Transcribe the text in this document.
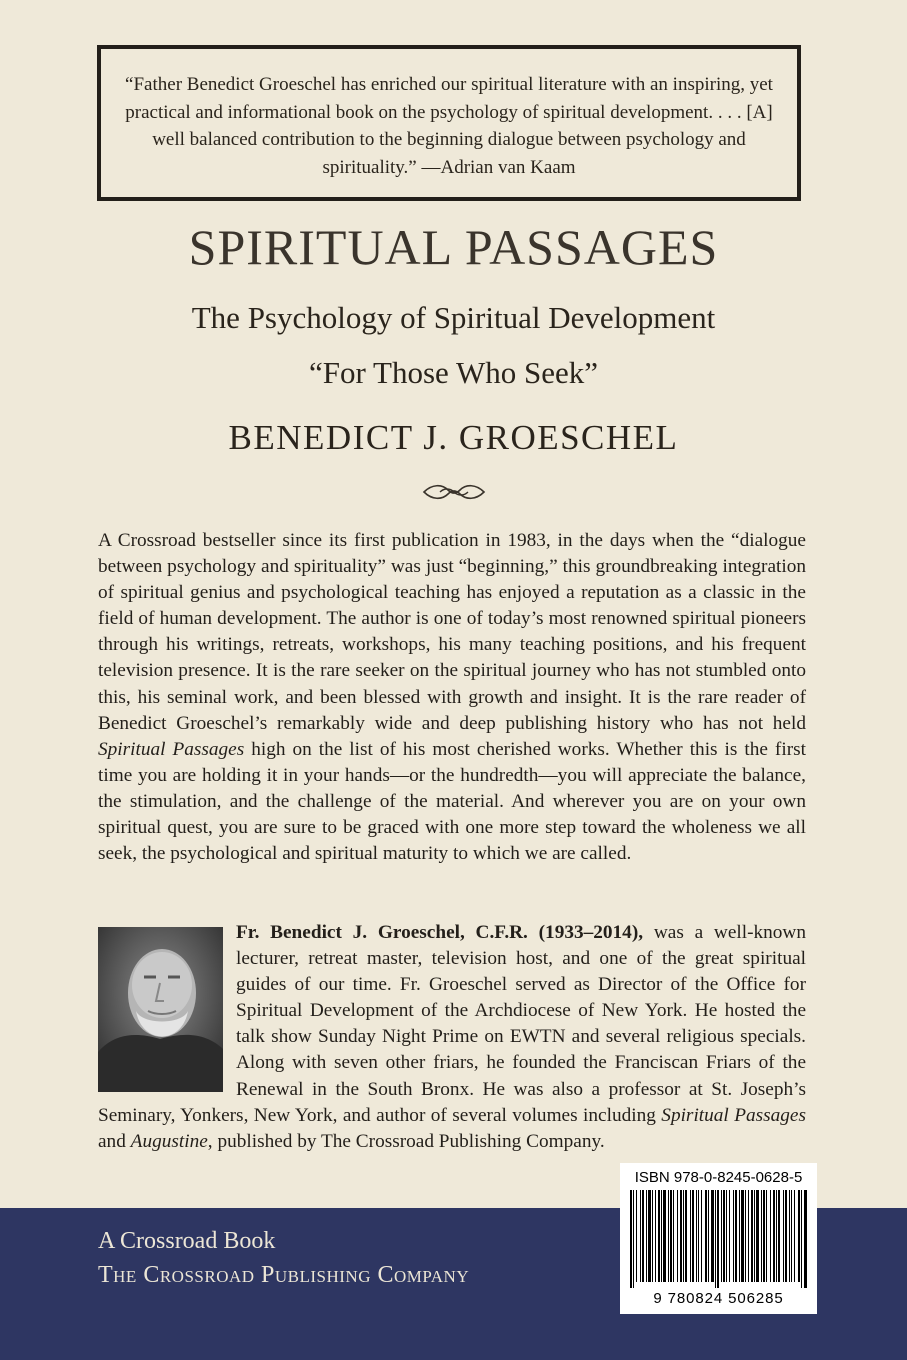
“Father Benedict Groeschel has enriched our spiritual literature with an inspiring, yet practical and informational book on the psychology of spiritual development. . . . [A] well balanced contribution to the beginning dialogue between psychology and spirituality.” —Adrian van Kaam
SPIRITUAL PASSAGES
The Psychology of Spiritual Development
“For Those Who Seek”
BENEDICT J. GROESCHEL

A Crossroad bestseller since its first publication in 1983, in the days when the “dialogue between psychology and spirituality” was just “beginning,” this groundbreaking integration of spiritual genius and psychological teaching has enjoyed a reputation as a classic in the field of human development. The author is one of today’s most renowned spiritual pioneers through his writings, retreats, workshops, his many teaching positions, and his frequent television presence. It is the rare seeker on the spiritual journey who has not stumbled onto this, his seminal work, and been blessed with growth and insight. It is the rare reader of Benedict Groeschel’s remarkably wide and deep publishing history who has not held Spiritual Passages high on the list of his most cherished works. Whether this is the first time you are holding it in your hands—or the hundredth—you will appreciate the balance, the stimulation, and the challenge of the material. And wherever you are on your own spiritual quest, you are sure to be graced with one more step toward the wholeness we all seek, the psychological and spiritual maturity to which we are called.

Fr. Benedict J. Groeschel, C.F.R. (1933–2014), was a well-known lecturer, retreat master, television host, and one of the great spiritual guides of our time. Fr. Groeschel served as Director of the Office for Spiritual Development of the Archdiocese of New York. He hosted the talk show Sunday Night Prime on EWTN and several religious specials. Along with seven other friars, he founded the Franciscan Friars of the Renewal in the South Bronx. He was also a professor at St. Joseph’s Seminary, Yonkers, New York, and author of several volumes including Spiritual Passages and Augustine, published by The Crossroad Publishing Company.

A Crossroad Book
The Crossroad Publishing Company
ISBN 978-0-8245-0628-5
9 780824 506285
